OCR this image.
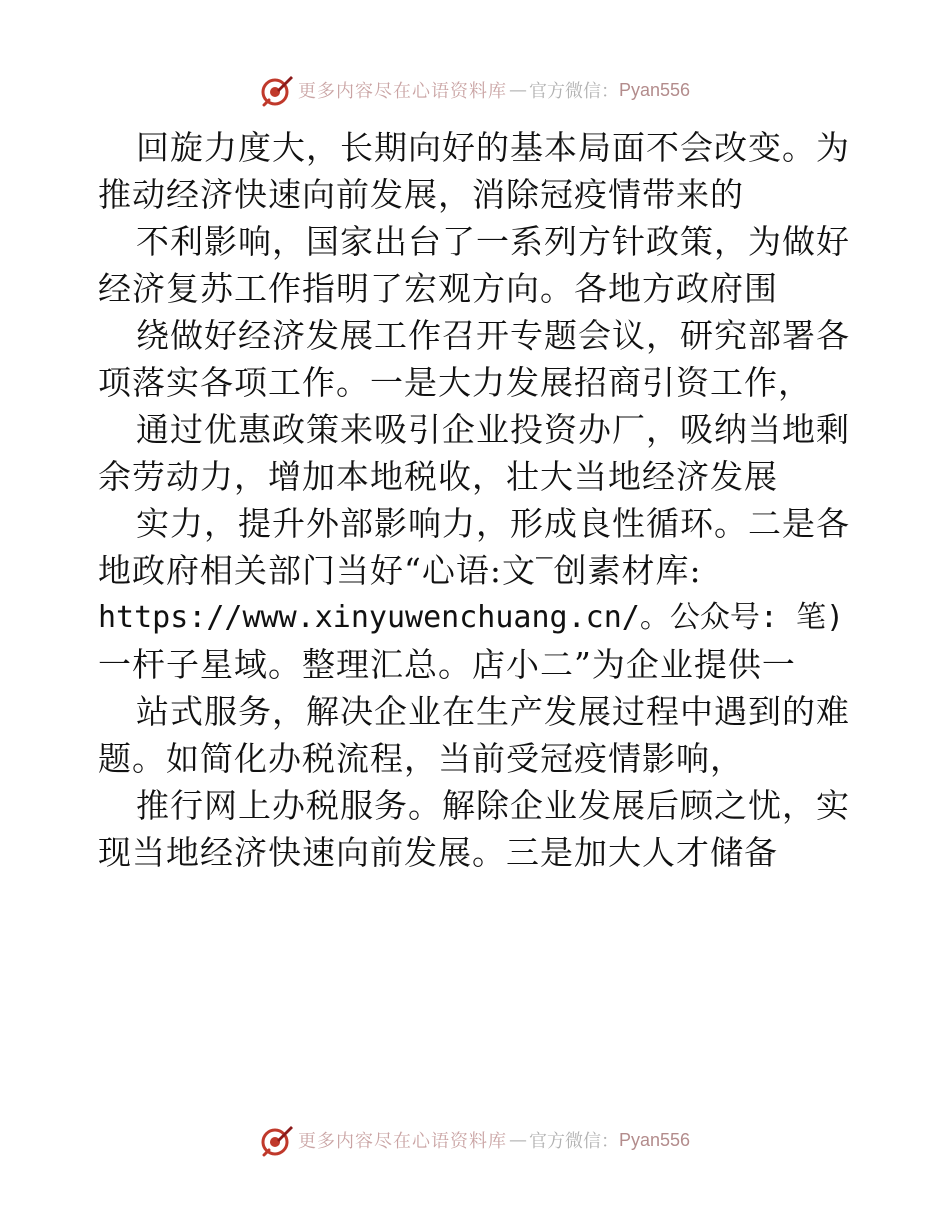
更多内容尽在心语资料库 — 官方微信： Pyan556
回旋力度大，长期向好的基本局面不会改变。为
推动经济快速向前发展，消除冠疫情带来的
不利影响，国家出台了一系列方针政策，为做好
经济复苏工作指明了宏观方向。各地方政府围
绕做好经济发展工作召开专题会议，研究部署各
项落实各项工作。一是大力发展招商引资工作，
通过优惠政策来吸引企业投资办厂，吸纳当地剩
余劳动力，增加本地税收，壮大当地经济发展
实力，提升外部影响力，形成良性循环。二是各
地政府相关部门当好“心语:文‾创素材库:
https://www.xinyuwenchuang.cn/。公众号: 笔)
一杆子星域。整理汇总。店小二”为企业提供一
站式服务，解决企业在生产发展过程中遇到的难
题。如简化办税流程，当前受冠疫情影响，
推行网上办税服务。解除企业发展后顾之忧，实
现当地经济快速向前发展。三是加大人才储备
更多内容尽在心语资料库 — 官方微信： Pyan556
